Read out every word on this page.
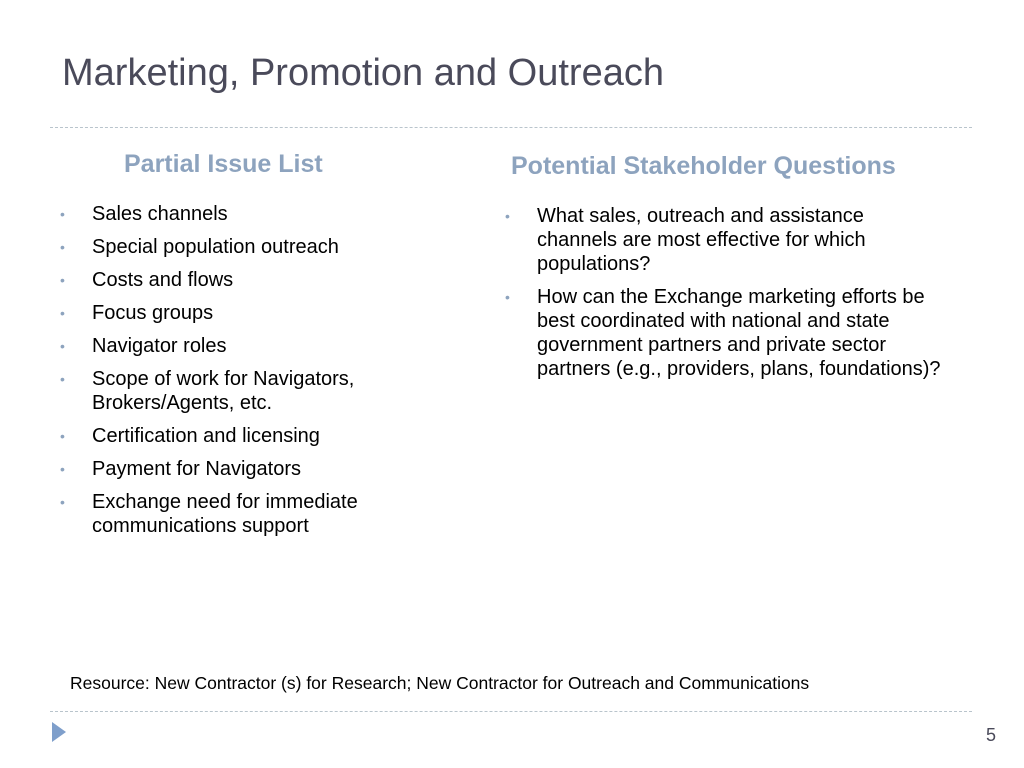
Marketing, Promotion and Outreach
Partial Issue List	Potential Stakeholder Questions
• Sales channels
• Special population outreach
• Costs and flows
• Focus groups
• Navigator roles
• Scope of work for Navigators, Brokers/Agents, etc.
• Certification and licensing
• Payment for Navigators
• Exchange need for immediate communications support
• What sales, outreach and assistance channels are most effective for which populations?
• How can the Exchange marketing efforts be best coordinated with national and state government partners and private sector partners (e.g., providers, plans, foundations)?
Resource: New Contractor (s) for Research; New Contractor for Outreach and Communications
5
